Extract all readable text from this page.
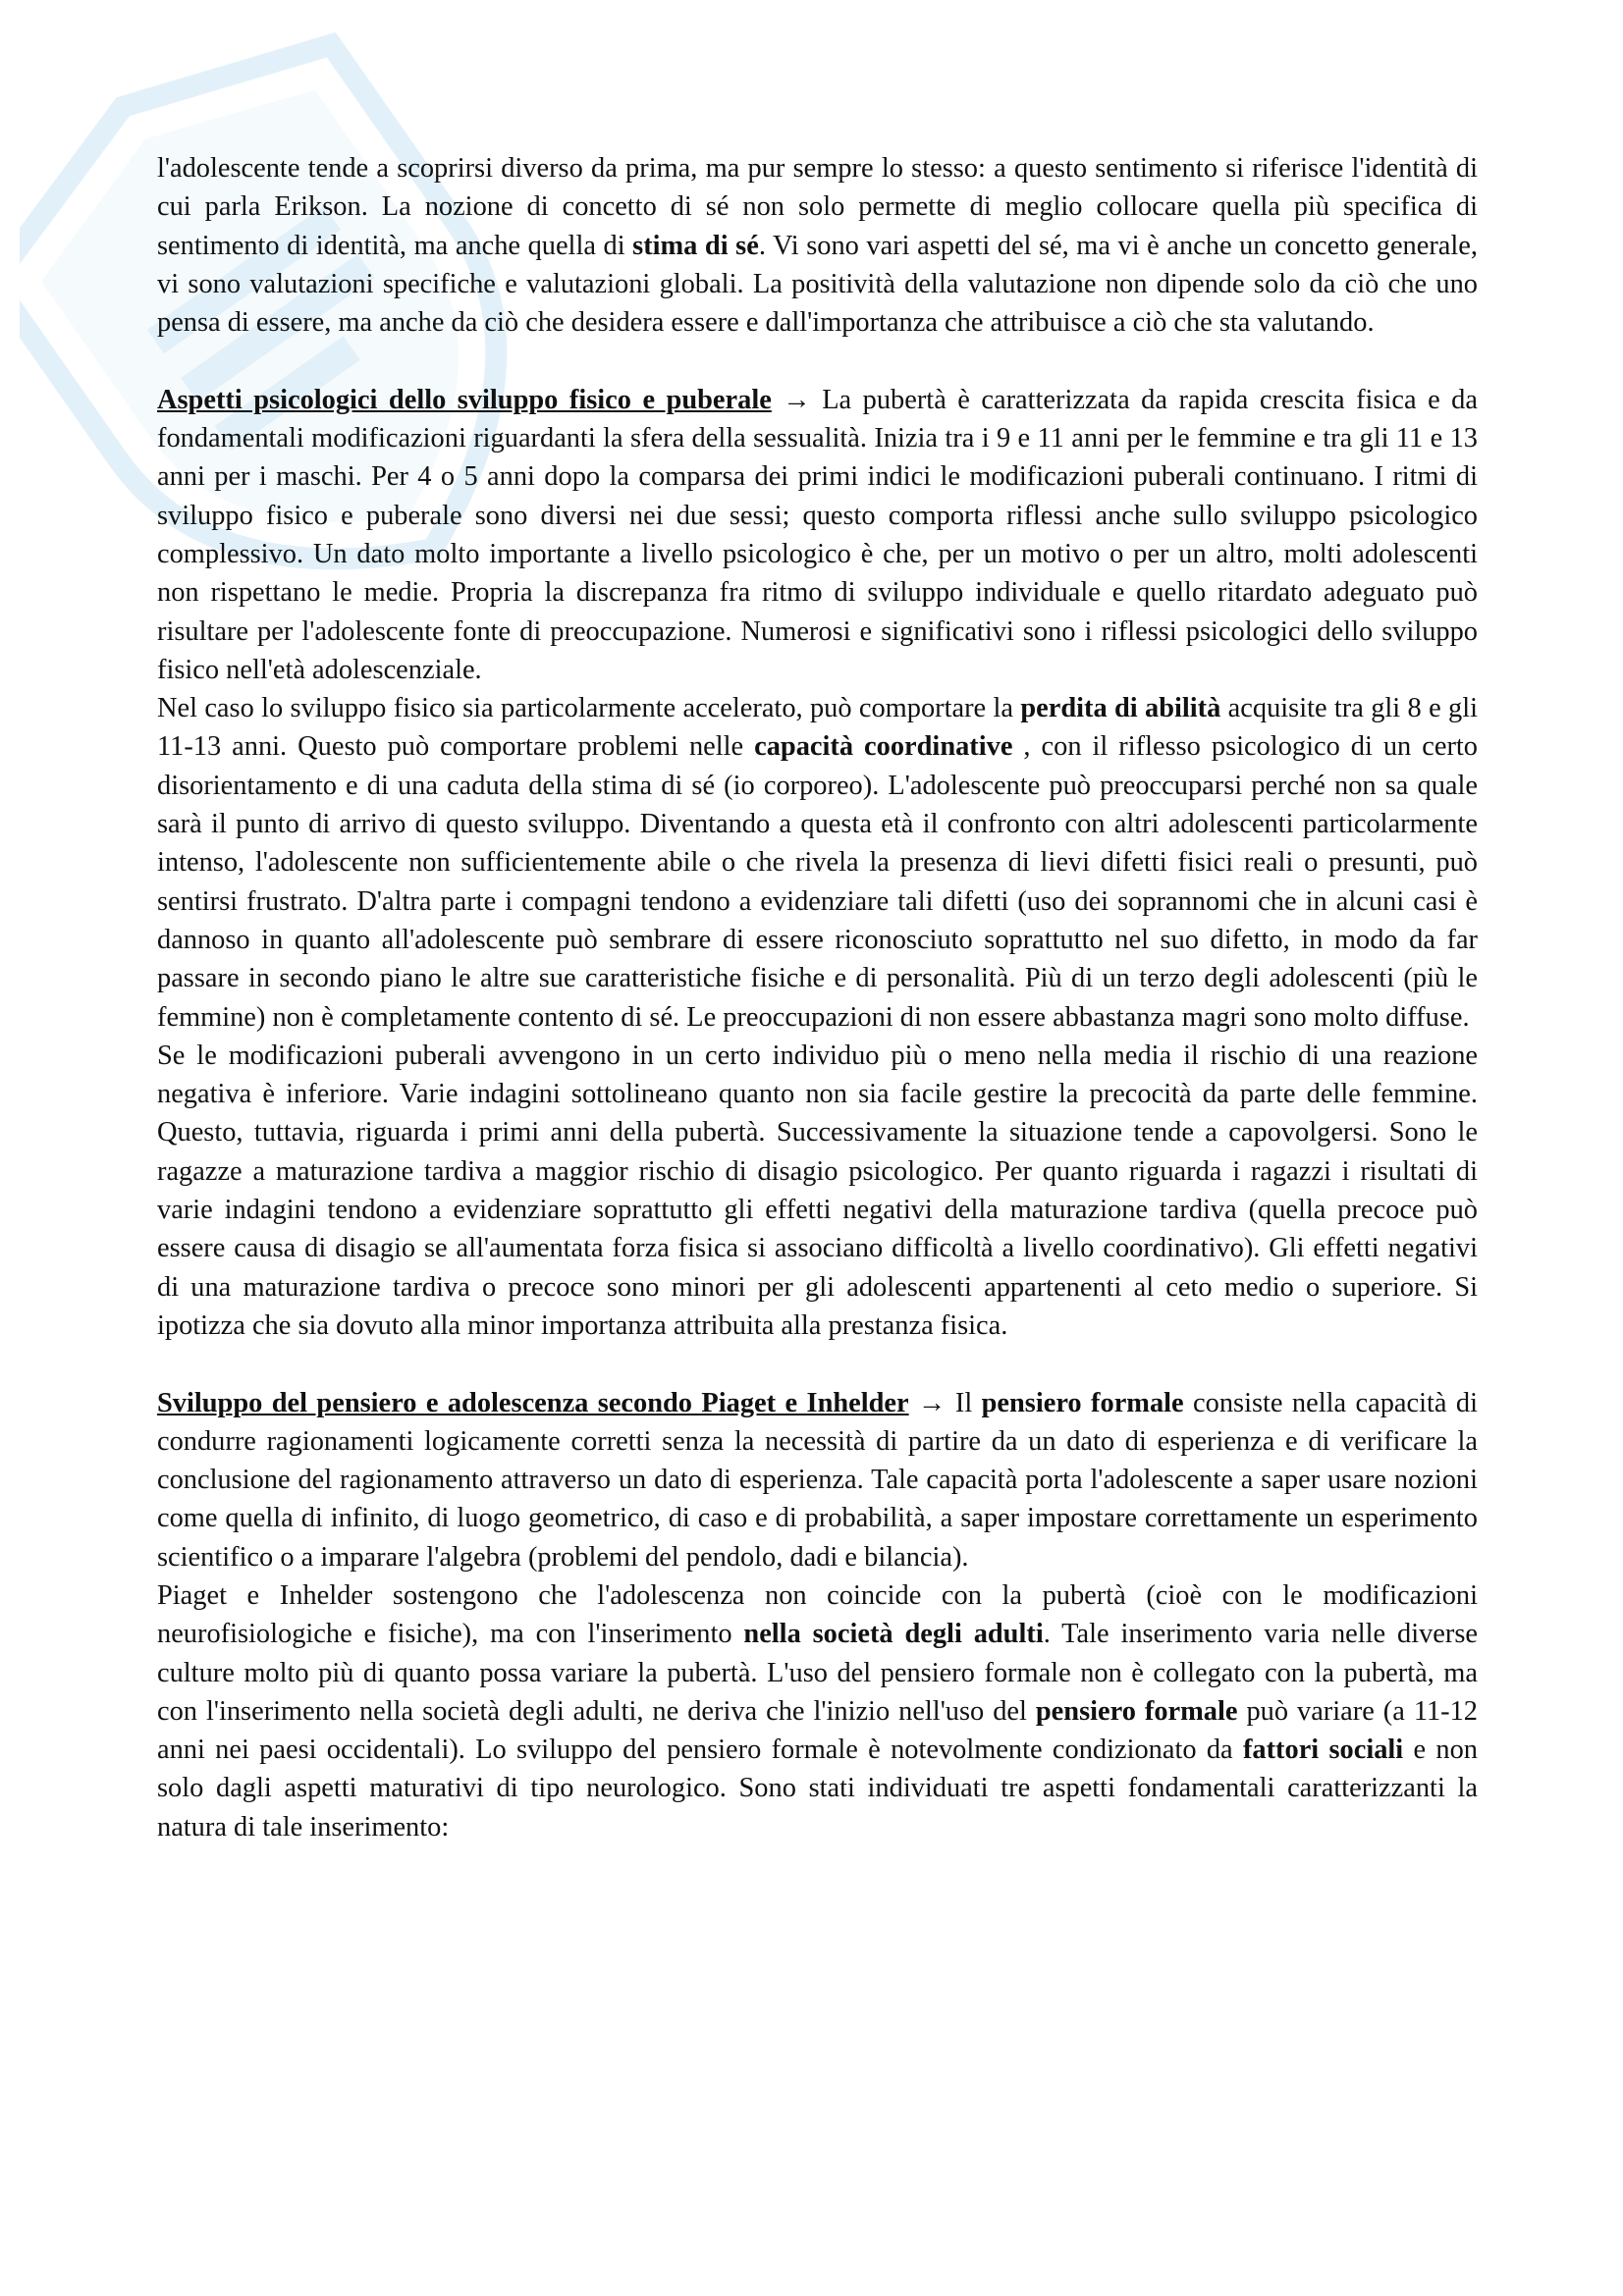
l'adolescente tende a scoprirsi diverso da prima, ma pur sempre lo stesso: a questo sentimento si riferisce l'identità di cui parla Erikson. La nozione di concetto di sé non solo permette di meglio collocare quella più specifica di sentimento di identità, ma anche quella di stima di sé. Vi sono vari aspetti del sé, ma vi è anche un concetto generale, vi sono valutazioni specifiche e valutazioni globali. La positività della valutazione non dipende solo da ciò che uno pensa di essere, ma anche da ciò che desidera essere e dall'importanza che attribuisce a ciò che sta valutando.

Aspetti psicologici dello sviluppo fisico e puberale → La pubertà è caratterizzata da rapida crescita fisica e da fondamentali modificazioni riguardanti la sfera della sessualità. Inizia tra i 9 e 11 anni per le femmine e tra gli 11 e 13 anni per i maschi. Per 4 o 5 anni dopo la comparsa dei primi indici le modificazioni puberali continuano. I ritmi di sviluppo fisico e puberale sono diversi nei due sessi; questo comporta riflessi anche sullo sviluppo psicologico complessivo. Un dato molto importante a livello psicologico è che, per un motivo o per un altro, molti adolescenti non rispettano le medie. Propria la discrepanza fra ritmo di sviluppo individuale e quello ritardato adeguato può risultare per l'adolescente fonte di preoccupazione. Numerosi e significativi sono i riflessi psicologici dello sviluppo fisico nell'età adolescenziale.

Nel caso lo sviluppo fisico sia particolarmente accelerato, può comportare la perdita di abilità acquisite tra gli 8 e gli 11-13 anni. Questo può comportare problemi nelle capacità coordinative , con il riflesso psicologico di un certo disorientamento e di una caduta della stima di sé (io corporeo). L'adolescente può preoccuparsi perché non sa quale sarà il punto di arrivo di questo sviluppo. Diventando a questa età il confronto con altri adolescenti particolarmente intenso, l'adolescente non sufficientemente abile o che rivela la presenza di lievi difetti fisici reali o presunti, può sentirsi frustrato. D'altra parte i compagni tendono a evidenziare tali difetti (uso dei soprannomi che in alcuni casi è dannoso in quanto all'adolescente può sembrare di essere riconosciuto soprattutto nel suo difetto, in modo da far passare in secondo piano le altre sue caratteristiche fisiche e di personalità. Più di un terzo degli adolescenti (più le femmine) non è completamente contento di sé. Le preoccupazioni di non essere abbastanza magri sono molto diffuse.

Se le modificazioni puberali avvengono in un certo individuo più o meno nella media il rischio di una reazione negativa è inferiore. Varie indagini sottolineano quanto non sia facile gestire la precocità da parte delle femmine. Questo, tuttavia, riguarda i primi anni della pubertà. Successivamente la situazione tende a capovolgersi. Sono le ragazze a maturazione tardiva a maggior rischio di disagio psicologico. Per quanto riguarda i ragazzi i risultati di varie indagini tendono a evidenziare soprattutto gli effetti negativi della maturazione tardiva (quella precoce può essere causa di disagio se all'aumentata forza fisica si associano difficoltà a livello coordinativo). Gli effetti negativi di una maturazione tardiva o precoce sono minori per gli adolescenti appartenenti al ceto medio o superiore. Si ipotizza che sia dovuto alla minor importanza attribuita alla prestanza fisica.

Sviluppo del pensiero e adolescenza secondo Piaget e Inhelder → Il pensiero formale consiste nella capacità di condurre ragionamenti logicamente corretti senza la necessità di partire da un dato di esperienza e di verificare la conclusione del ragionamento attraverso un dato di esperienza. Tale capacità porta l'adolescente a saper usare nozioni come quella di infinito, di luogo geometrico, di caso e di probabilità, a saper impostare correttamente un esperimento scientifico o a imparare l'algebra (problemi del pendolo, dadi e bilancia).

Piaget e Inhelder sostengono che l'adolescenza non coincide con la pubertà (cioè con le modificazioni neurofisiologiche e fisiche), ma con l'inserimento nella società degli adulti. Tale inserimento varia nelle diverse culture molto più di quanto possa variare la pubertà. L'uso del pensiero formale non è collegato con la pubertà, ma con l'inserimento nella società degli adulti, ne deriva che l'inizio nell'uso del pensiero formale può variare (a 11-12 anni nei paesi occidentali). Lo sviluppo del pensiero formale è notevolmente condizionato da fattori sociali e non solo dagli aspetti maturativi di tipo neurologico. Sono stati individuati tre aspetti fondamentali caratterizzanti la natura di tale inserimento:
